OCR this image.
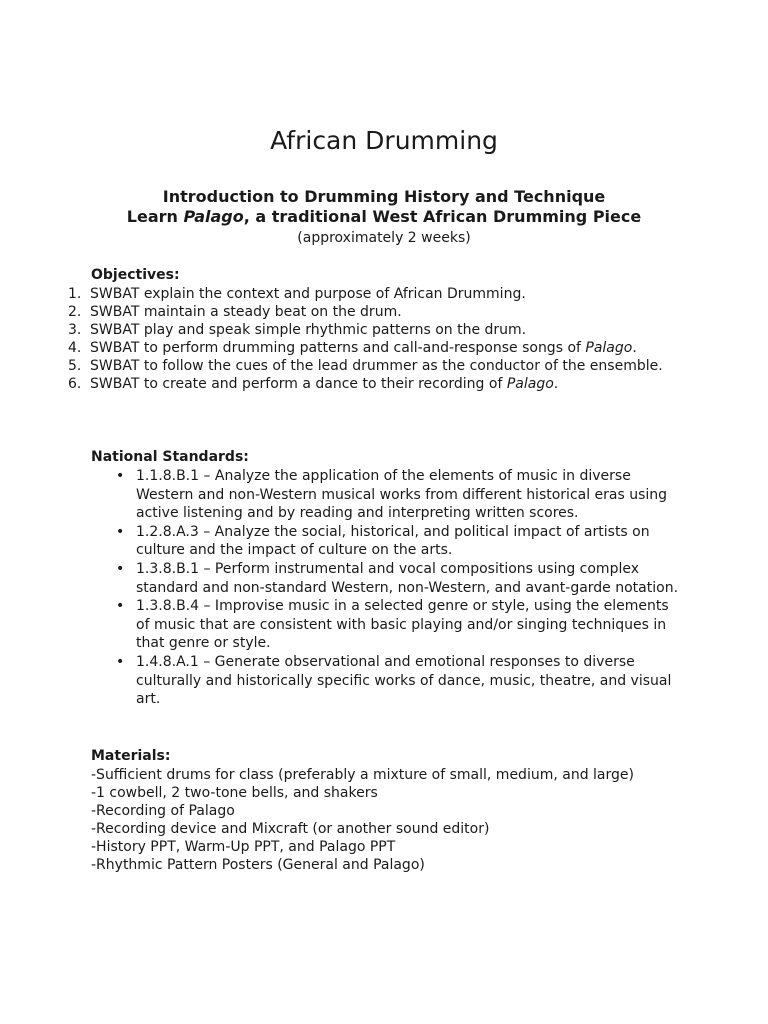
African Drumming
Introduction to Drumming History and Technique
Learn Palago, a traditional West African Drumming Piece
(approximately 2 weeks)
Objectives:
1. SWBAT explain the context and purpose of African Drumming.
2. SWBAT maintain a steady beat on the drum.
3. SWBAT play and speak simple rhythmic patterns on the drum.
4. SWBAT to perform drumming patterns and call-and-response songs of Palago.
5. SWBAT to follow the cues of the lead drummer as the conductor of the ensemble.
6. SWBAT to create and perform a dance to their recording of Palago.
National Standards:
• 1.1.8.B.1 – Analyze the application of the elements of music in diverse Western and non-Western musical works from different historical eras using active listening and by reading and interpreting written scores.
• 1.2.8.A.3 – Analyze the social, historical, and political impact of artists on culture and the impact of culture on the arts.
• 1.3.8.B.1 – Perform instrumental and vocal compositions using complex standard and non-standard Western, non-Western, and avant-garde notation.
• 1.3.8.B.4 – Improvise music in a selected genre or style, using the elements of music that are consistent with basic playing and/or singing techniques in that genre or style.
• 1.4.8.A.1 – Generate observational and emotional responses to diverse culturally and historically specific works of dance, music, theatre, and visual art.
Materials:
-Sufficient drums for class (preferably a mixture of small, medium, and large)
-1 cowbell, 2 two-tone bells, and shakers
-Recording of Palago
-Recording device and Mixcraft (or another sound editor)
-History PPT, Warm-Up PPT, and Palago PPT
-Rhythmic Pattern Posters (General and Palago)
